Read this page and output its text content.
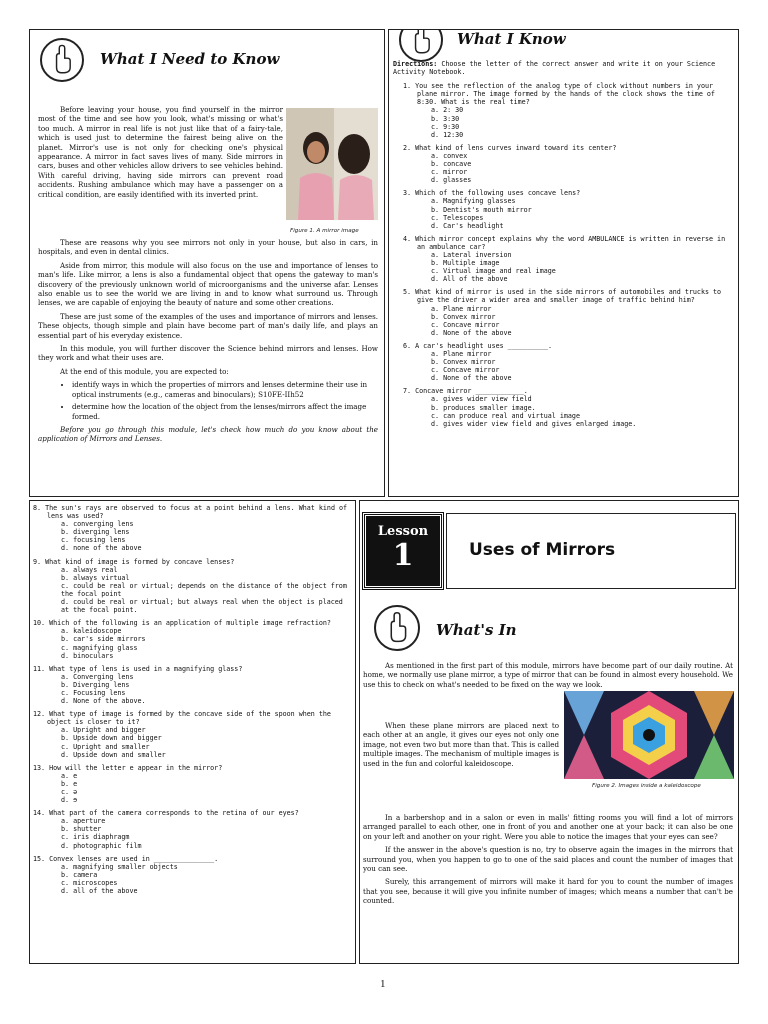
What I Need to Know

Before leaving your house, you find yourself in the mirror most of the time and see how you look, what's missing or what's too much. A mirror in real life is not just like that of a fairy-tale, which is used just to determine the fairest being alive on the planet. Mirror's use is not only for checking one's physical appearance. A mirror in fact saves lives of many. Side mirrors in cars, buses and other vehicles allow drivers to see vehicles behind. With careful driving, having side mirrors can prevent road accidents. Rushing ambulance which may have a passenger on a critical condition, are easily identified with its inverted print.

Figure 1. A mirror image

These are reasons why you see mirrors not only in your house, but also in cars, in hospitals, and even in dental clinics.

Aside from mirror, this module will also focus on the use and importance of lenses to man's life. Like mirror, a lens is also a fundamental object that opens the gateway to man's discovery of the previously unknown world of microorganisms and the universe afar. Lenses also enable us to see the world we are living in and to know what surround us. Through lenses, we are capable of enjoying the beauty of nature and some other creations.

These are just some of the examples of the uses and importance of mirrors and lenses. These objects, though simple and plain have become part of man's daily life, and plays an essential part of his everyday existence.

In this module, you will further discover the Science behind mirrors and lenses. How they work and what their uses are.

At the end of this module, you are expected to:

• identify ways in which the properties of mirrors and lenses determine their use in optical instruments (e.g., cameras and binoculars); S10FE-IIh52
• determine how the location of the object from the lenses/mirrors affect the image formed.

Before you go through this module, let's check how much do you know about the application of Mirrors and Lenses.

What I Know
Directions: Choose the letter of the correct answer and write it on your Science Activity Notebook.
1. You see the reflection of the analog type of clock without numbers in your plane mirror. The image formed by the hands of the clock shows the time of 8:30. What is the real time?
a. 2: 30
b. 3:30
c. 9:30
d. 12:30
2. What kind of lens curves inward toward its center?
a. convex
b. concave
c. mirror
d. glasses
3. Which of the following uses concave lens?
a. Magnifying glasses
b. Dentist's mouth mirror
c. Telescopes
d. Car's headlight
4. Which mirror concept explains why the word AMBULANCE is written in reverse in an ambulance car?
a. Lateral inversion
b. Multiple image
c. Virtual image and real image
d. All of the above
5. What kind of mirror is used in the side mirrors of automobiles and trucks to give the driver a wider area and smaller image of traffic behind him?
a. Plane mirror
b. Convex mirror
c. Concave mirror
d. None of the above
6. A car's headlight uses __________.
a. Plane mirror
b. Convex mirror
c. Concave mirror
d. None of the above
7. Concave mirror ____________.
a. gives wider view field
b. produces smaller image.
c. can produce real and virtual image
d. gives wider view field and gives enlarged image.
8. The sun's rays are observed to focus at a point behind a lens. What kind of lens was used?
a. converging lens
b. diverging lens
c. focusing lens
d. none of the above
9. What kind of image is formed by concave lenses?
a. always real
b. always virtual
c. could be real or virtual; depends on the distance of the object from the focal point
d. could be real or virtual; but always real when the object is placed at the focal point.
10. Which of the following is an application of multiple image refraction?
a. kaleidoscope
b. car's side mirrors
c. magnifying glass
d. binoculars
11. What type of lens is used in a magnifying glass?
a. Converging lens
b. Diverging lens
c. Focusing lens
d. None of the above.
12. What type of image is formed by the concave side of the spoon when the object is closer to it?
a. Upright and bigger
b. Upside down and bigger
c. Upright and smaller
d. Upside down and smaller
13. How will the letter e appear in the mirror?
a. e
b. e
c. ə
d. ɘ
14. What part of the camera corresponds to the retina of our eyes?
a. aperture
b. shutter
c. iris diaphragm
d. photographic film
15. Convex lenses are used in _______________.
a. magnifying smaller objects
b. camera
c. microscopes
d. all of the above
Lesson
1	Uses of Mirrors
What's In

As mentioned in the first part of this module, mirrors have become part of our daily routine. At home, we normally use plane mirror, a type of mirror that can be found in almost every household. We use this to check on what's needed to be fixed on the way we look.

Figure 2. Images inside a kaleidoscope

When these plane mirrors are placed next to each other at an angle, it gives our eyes not only one image, not even two but more than that. This is called multiple images. The mechanism of multiple images is used in the fun and colorful kaleidoscope.

In a barbershop and in a salon or even in malls' fitting rooms you will find a lot of mirrors arranged parallel to each other, one in front of you and another one at your back; it can also be one on your left and another on your right. Were you able to notice the images that your eyes can see?

If the answer in the above's question is no, try to observe again the images in the mirrors that surround you, when you happen to go to one of the said places and count the number of images that you can see.

Surely, this arrangement of mirrors will make it hard for you to count the number of images that you see, because it will give you infinite number of images; which means a number that can't be counted.

1
